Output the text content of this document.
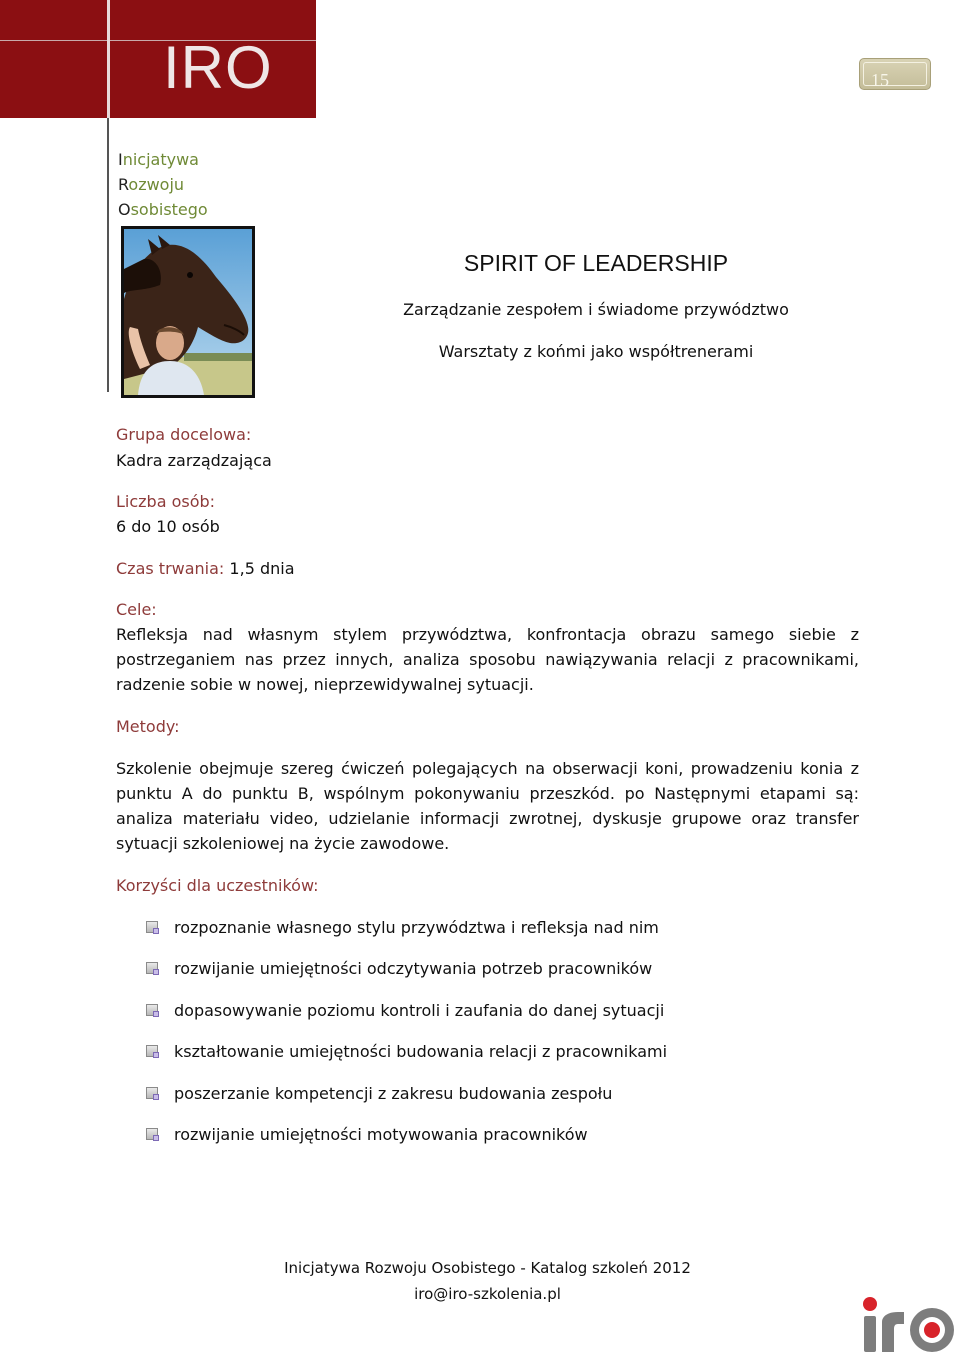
IRO	15
Inicjatywa
Rozwoju
Osobistego
SPIRIT OF LEADERSHIP
Zarządzanie zespołem i świadome przywództwo
Warsztaty z końmi jako współtrenerami
Grupa docelowa:
Kadra zarządzająca
Liczba osób:
6 do 10 osób
Czas trwania: 1,5 dnia
Cele:
Refleksja nad własnym stylem przywództwa, konfrontacja obrazu samego siebie z postrzeganiem nas przez innych, analiza sposobu nawiązywania relacji z pracownikami, radzenie sobie w nowej, nieprzewidywalnej sytuacji.
Metody:
Szkolenie obejmuje szereg ćwiczeń polegających na obserwacji koni, prowadzeniu konia z punktu A do punktu B, wspólnym pokonywaniu przeszkód. po Następnymi etapami są: analiza materiału video, udzielanie informacji zwrotnej, dyskusje grupowe oraz transfer sytuacji szkoleniowej na życie zawodowe.
Korzyści dla uczestników:
rozpoznanie własnego stylu przywództwa i refleksja nad nim
rozwijanie umiejętności odczytywania potrzeb pracowników
dopasowywanie poziomu kontroli i zaufania do danej sytuacji
kształtowanie umiejętności budowania relacji z pracownikami
poszerzanie kompetencji z zakresu budowania zespołu
rozwijanie umiejętności motywowania pracowników
Inicjatywa Rozwoju Osobistego - Katalog szkoleń 2012
iro@iro-szkolenia.pl
